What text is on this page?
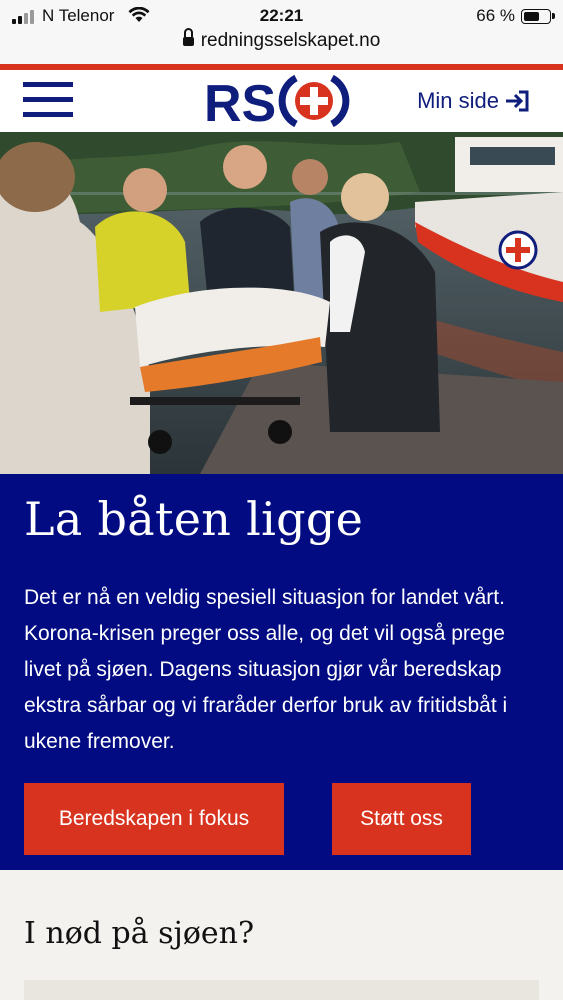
N Telenor	22:21	66 %
redningsselskapet.no
RS	Min side
La båten ligge

Det er nå en veldig spesiell situasjon for landet vårt. Korona-krisen preger oss alle, og det vil også prege livet på sjøen. Dagens situasjon gjør vår beredskap ekstra sårbar og vi fraråder derfor bruk av fritidsbåt i ukene fremover.

Beredskapen i fokus	Støtt oss
I nød på sjøen?
